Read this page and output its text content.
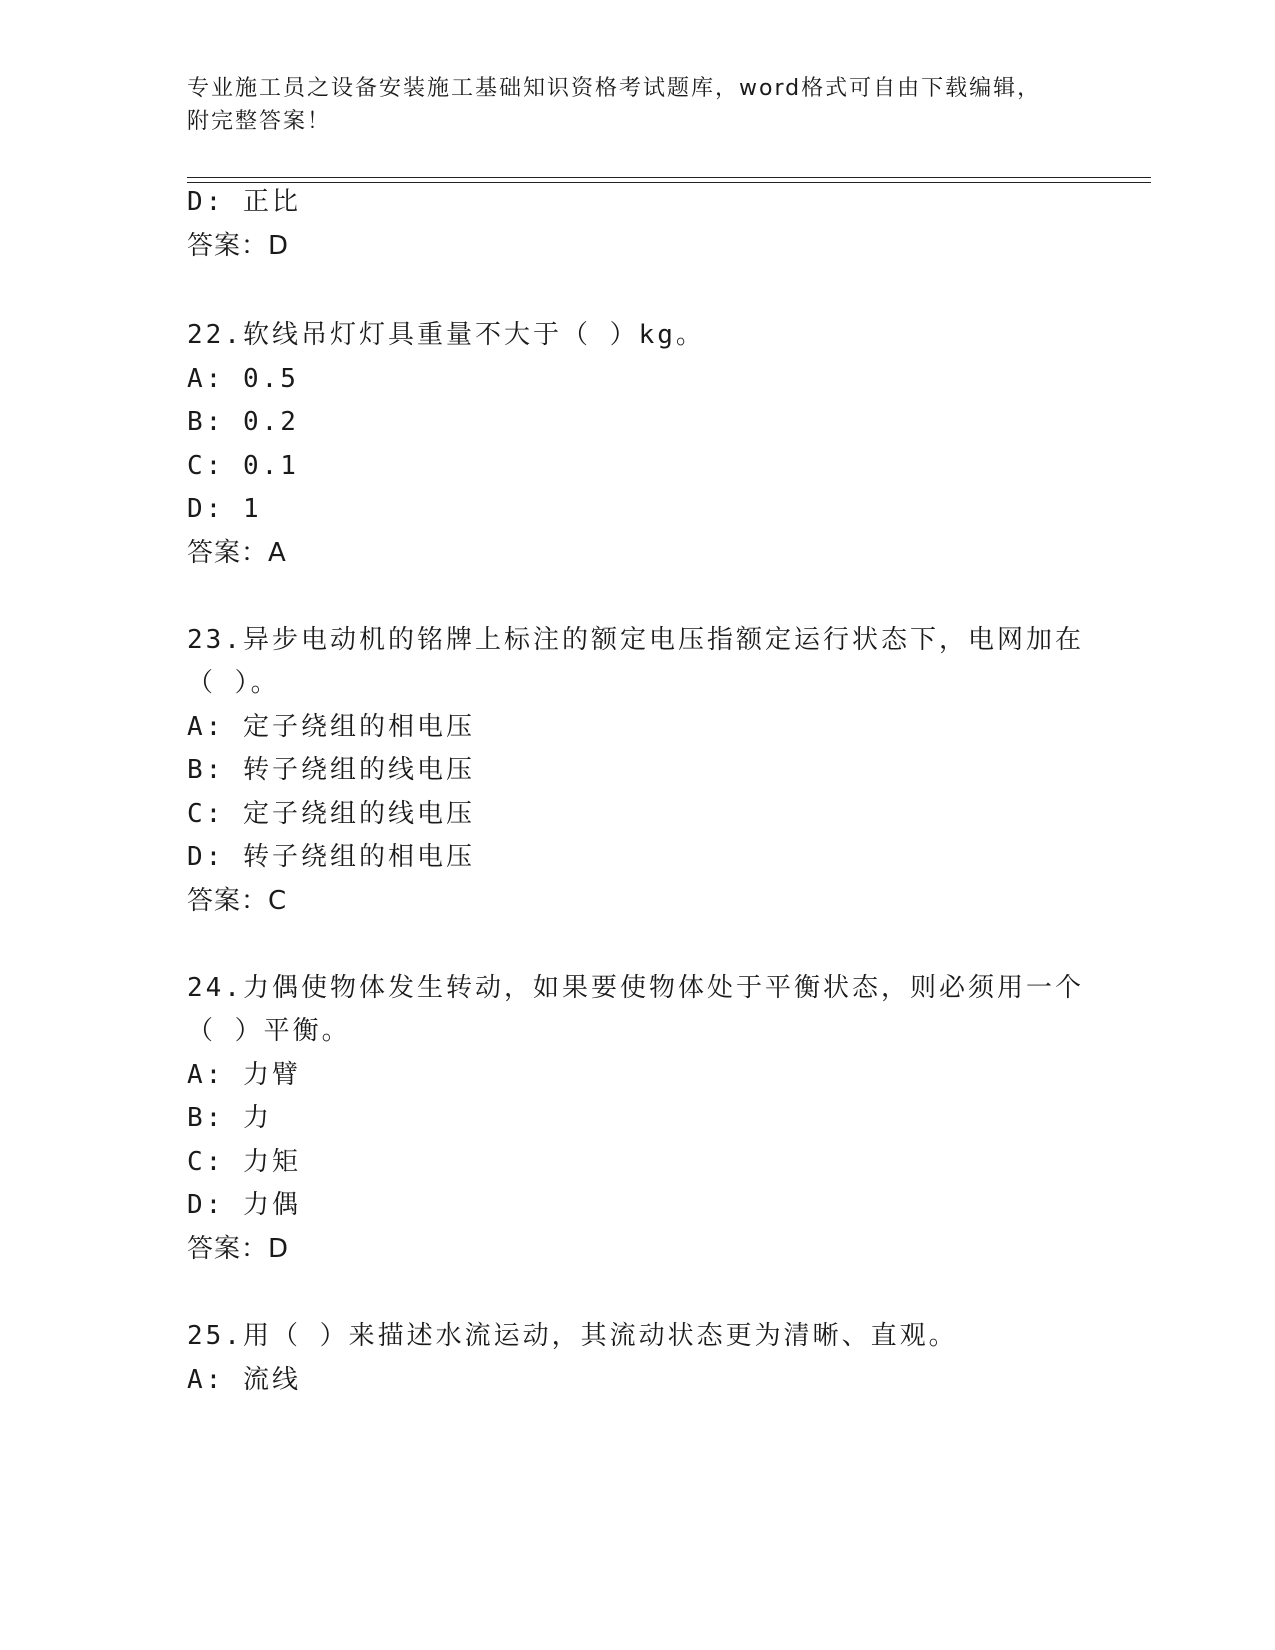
专业施工员之设备安装施工基础知识资格考试题库，word格式可自由下载编辑，
附完整答案！
D: 正比
答案：D
22.软线吊灯灯具重量不大于（ ）kg。
A: 0.5
B: 0.2
C: 0.1
D: 1
答案：A
23.异步电动机的铭牌上标注的额定电压指额定运行状态下，电网加在
（ ）。
A: 定子绕组的相电压
B: 转子绕组的线电压
C: 定子绕组的线电压
D: 转子绕组的相电压
答案：C
24.力偶使物体发生转动，如果要使物体处于平衡状态，则必须用一个
（ ）平衡。
A: 力臂
B: 力
C: 力矩
D: 力偶
答案：D
25.用（ ）来描述水流运动，其流动状态更为清晰、直观。
A: 流线
